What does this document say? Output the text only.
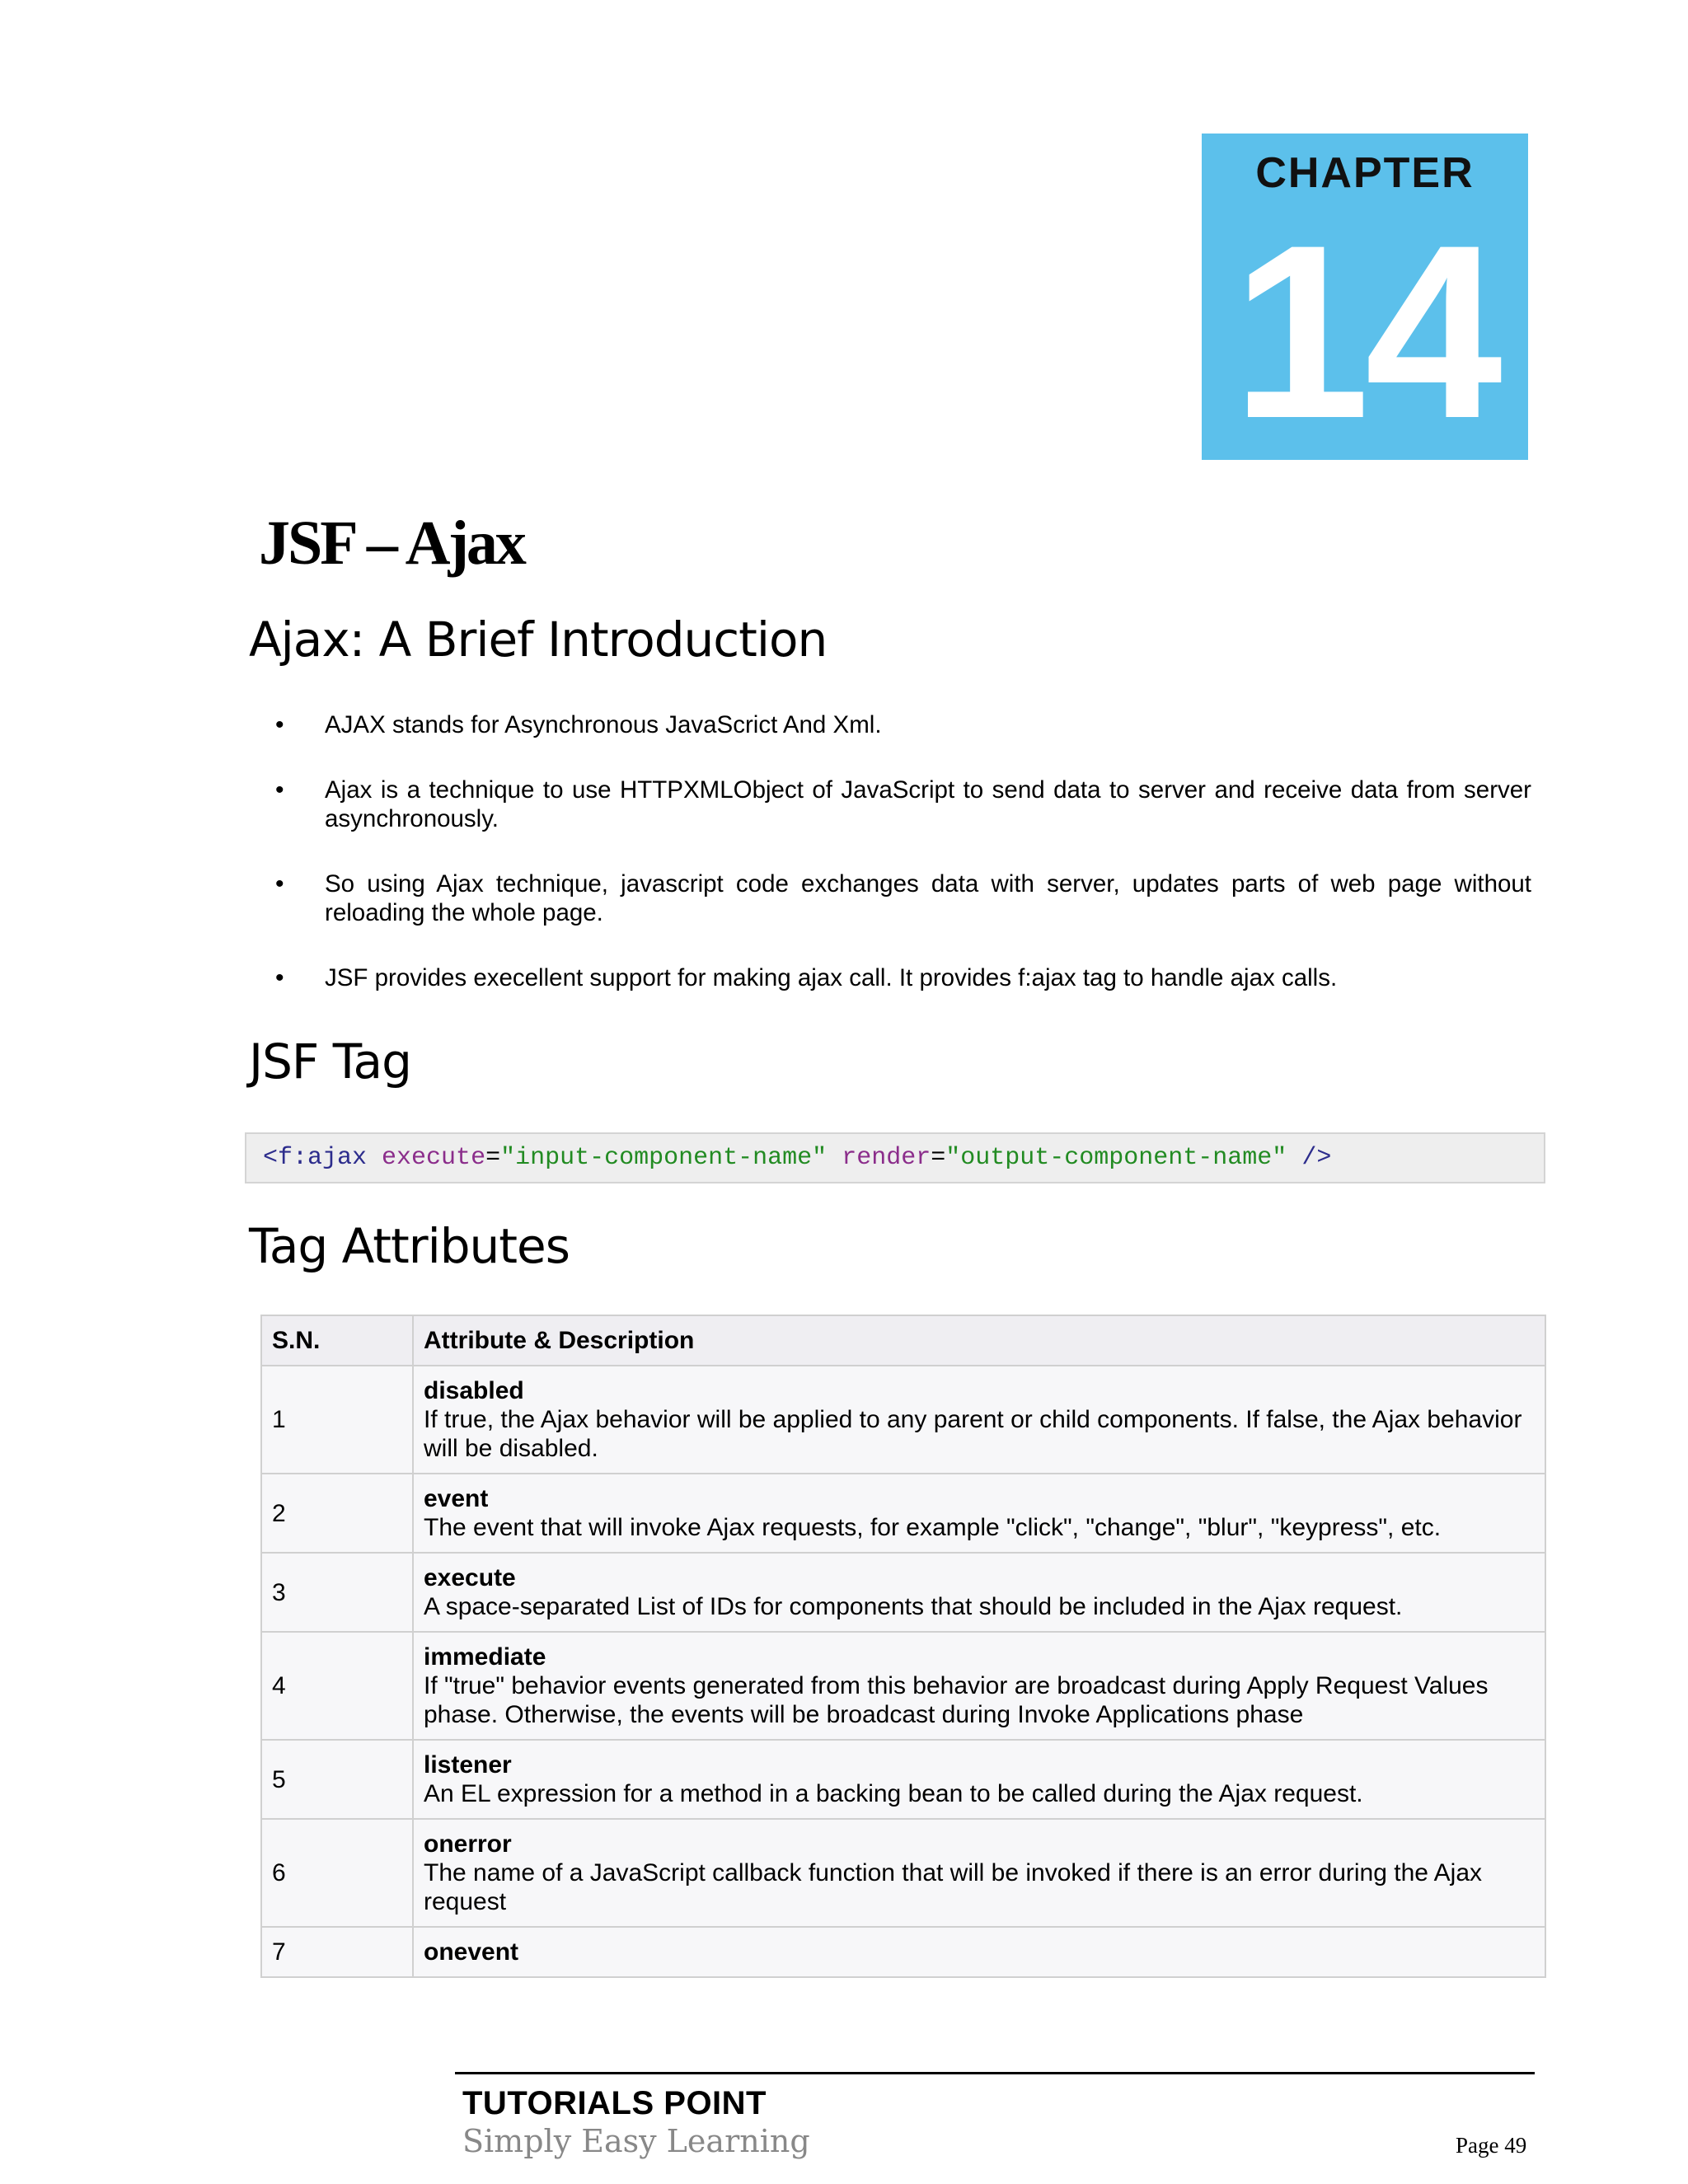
CHAPTER
14
JSF – Ajax
Ajax: A Brief Introduction
• AJAX stands for Asynchronous JavaScrict And Xml.
• Ajax is a technique to use HTTPXMLObject of JavaScript to send data to server and receive data from server asynchronously.
• So using Ajax technique, javascript code exchanges data with server, updates parts of web page without reloading the whole page.
• JSF provides execellent support for making ajax call. It provides f:ajax tag to handle ajax calls.
JSF Tag
<f:ajax execute="input-component-name" render="output-component-name" />
Tag Attributes
S.N.	Attribute & Description
1	disabled
If true, the Ajax behavior will be applied to any parent or child components. If false, the Ajax behavior will be disabled.

2	event
The event that will invoke Ajax requests, for example "click", "change", "blur", "keypress", etc.

3	execute
A space-separated List of IDs for components that should be included in the Ajax request.

4	immediate
If "true" behavior events generated from this behavior are broadcast during Apply Request Values phase. Otherwise, the events will be broadcast during Invoke Applications phase

5	listener
An EL expression for a method in a backing bean to be called during the Ajax request.

6	onerror
The name of a JavaScript callback function that will be invoked if there is an error during the Ajax request

7	onevent
TUTORIALS POINT
Simply Easy Learning	Page 49
